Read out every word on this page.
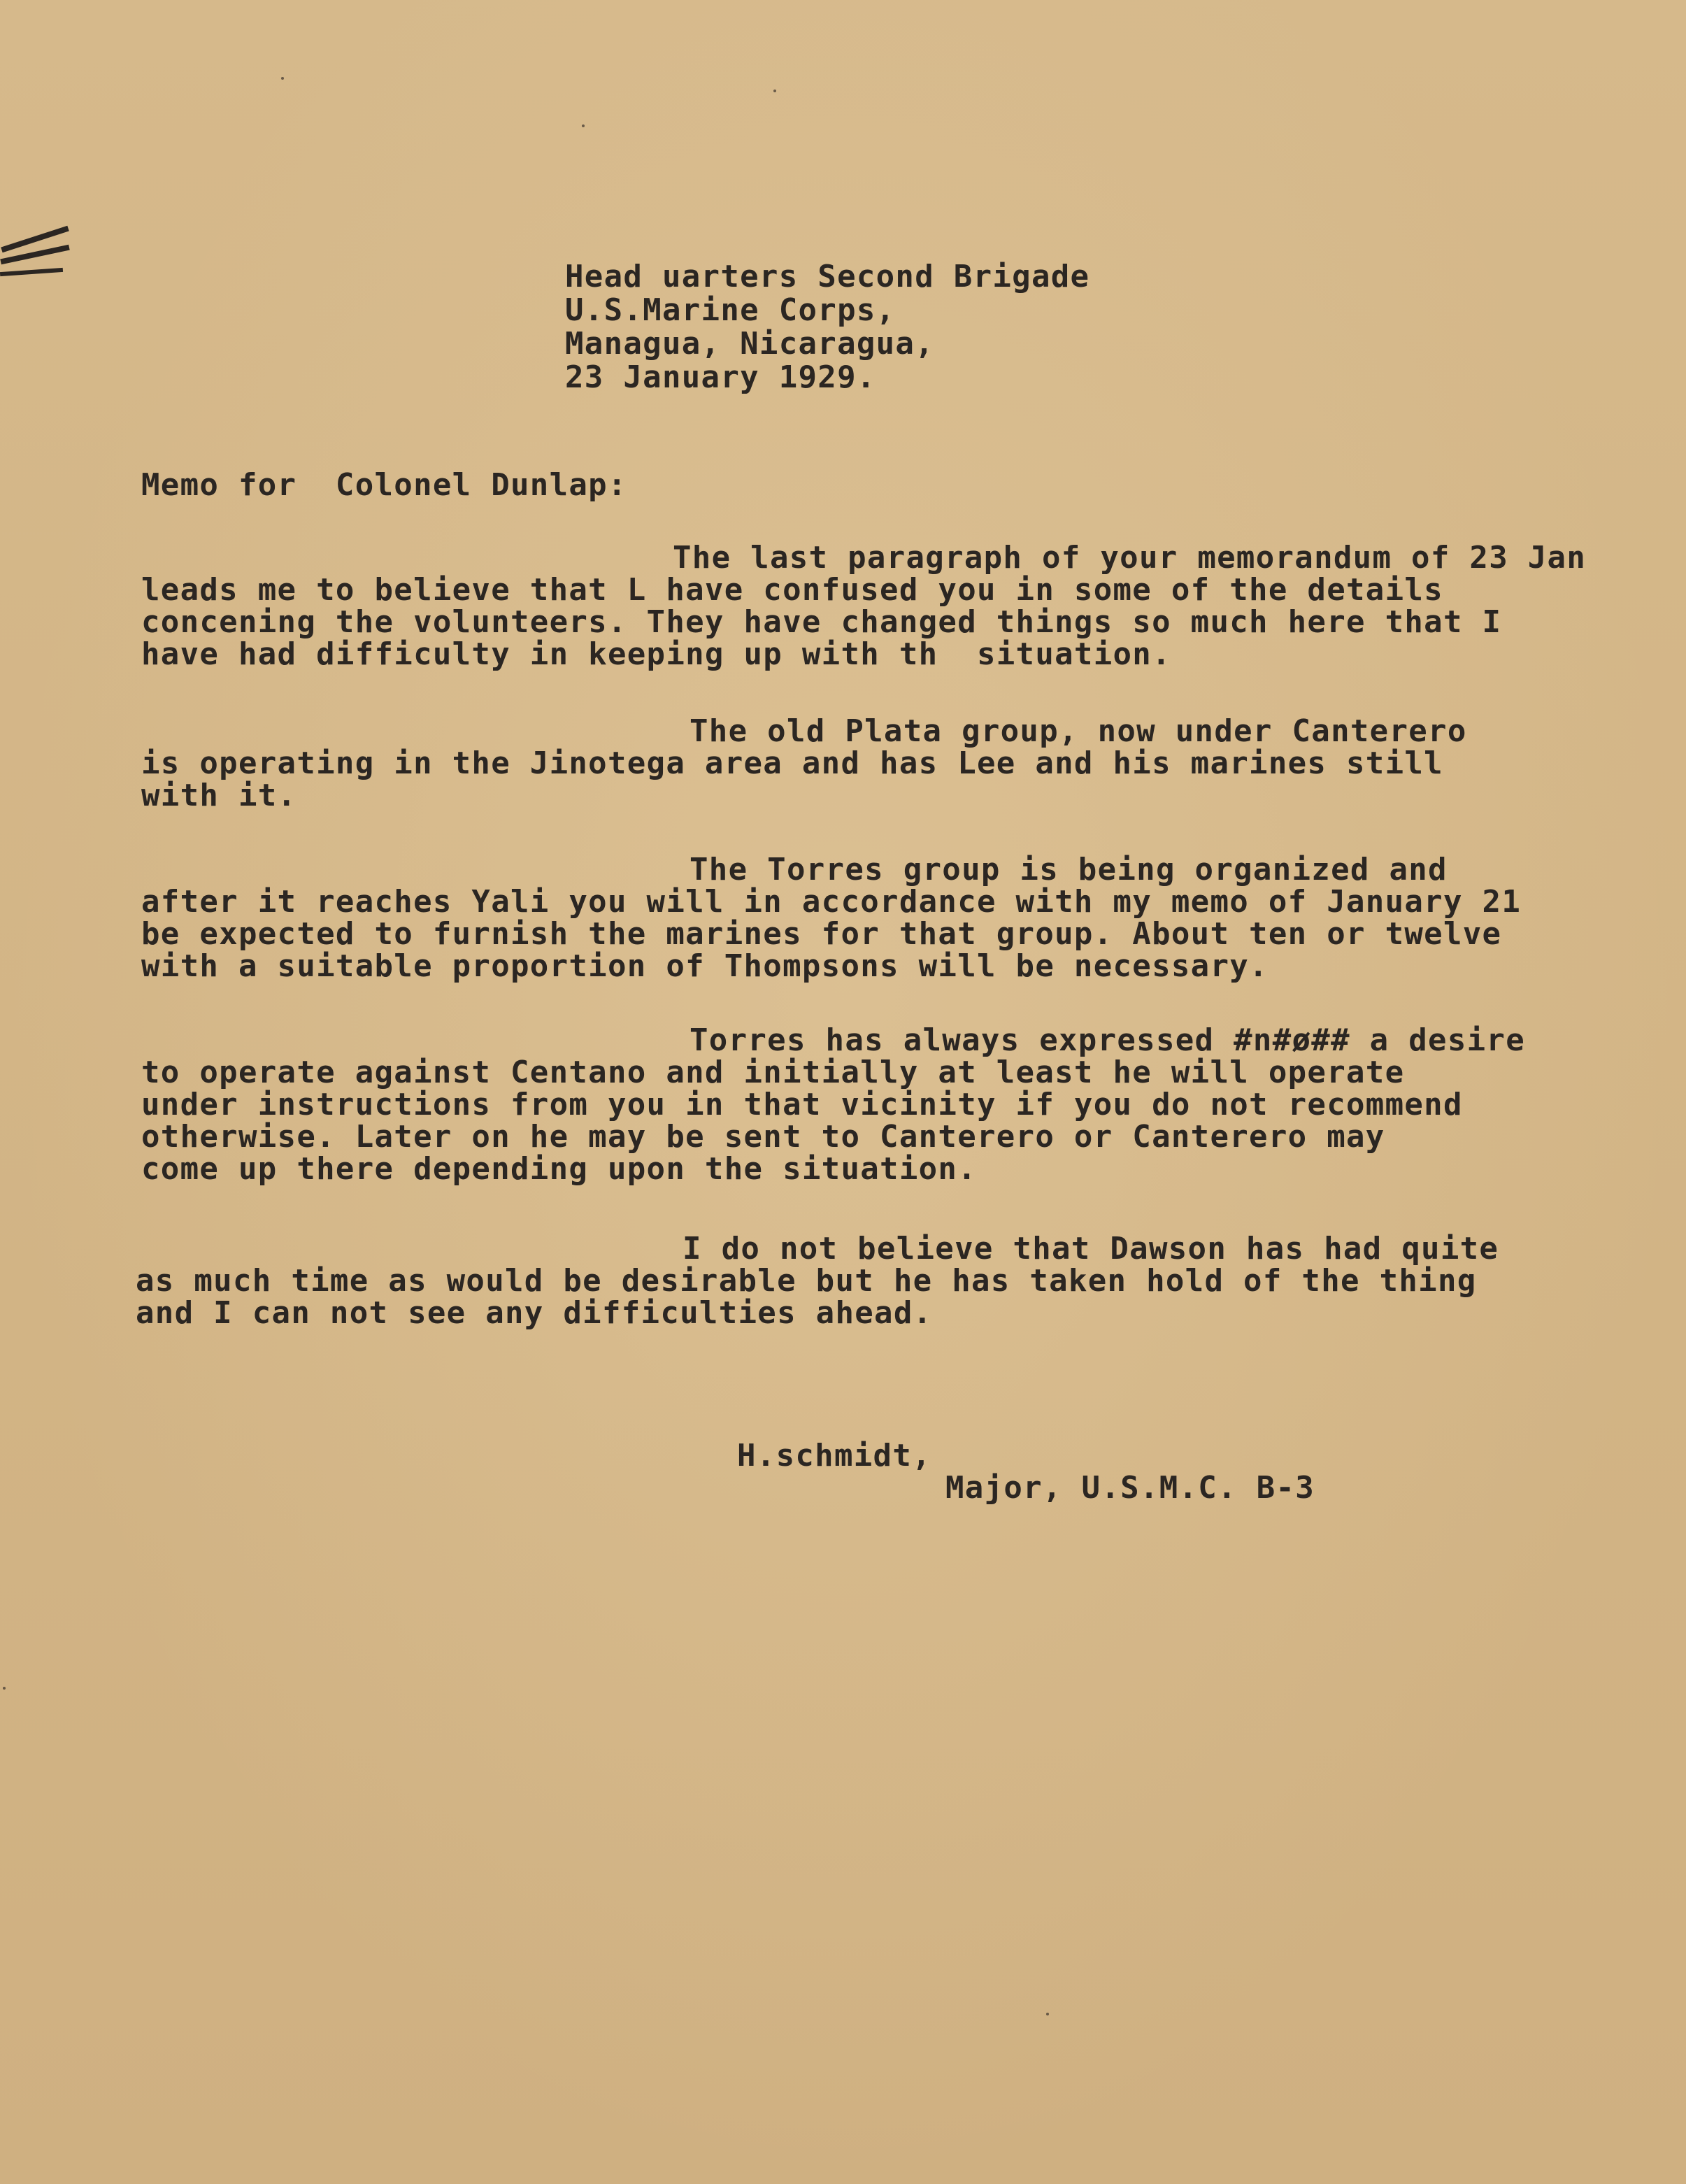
Head uarters Second Brigade

U.S.Marine Corps,

Managua, Nicaragua,

23 January 1929.

Memo for  Colonel Dunlap:

The last paragraph of your memorandum of 23 Jan

leads me to believe that L have confused you in some of the details

concening the volunteers. They have changed things so much here that I

have had difficulty in keeping up with th  situation.

The old Plata group, now under Canterero

is operating in the Jinotega area and has Lee and his marines still

with it.

The Torres group is being organized and

after it reaches Yali you will in accordance with my memo of January 21

be expected to furnish the marines for that group. About ten or twelve

with a suitable proportion of Thompsons will be necessary.

Torres has always expressed #n#ø## a desire

to operate against Centano and initially at least he will operate

under instructions from you in that vicinity if you do not recommend

otherwise. Later on he may be sent to Canterero or Canterero may

come up there depending upon the situation.

I do not believe that Dawson has had quite

as much time as would be desirable but he has taken hold of the thing

and I can not see any difficulties ahead.

H.schmidt,

Major, U.S.M.C. B-3
